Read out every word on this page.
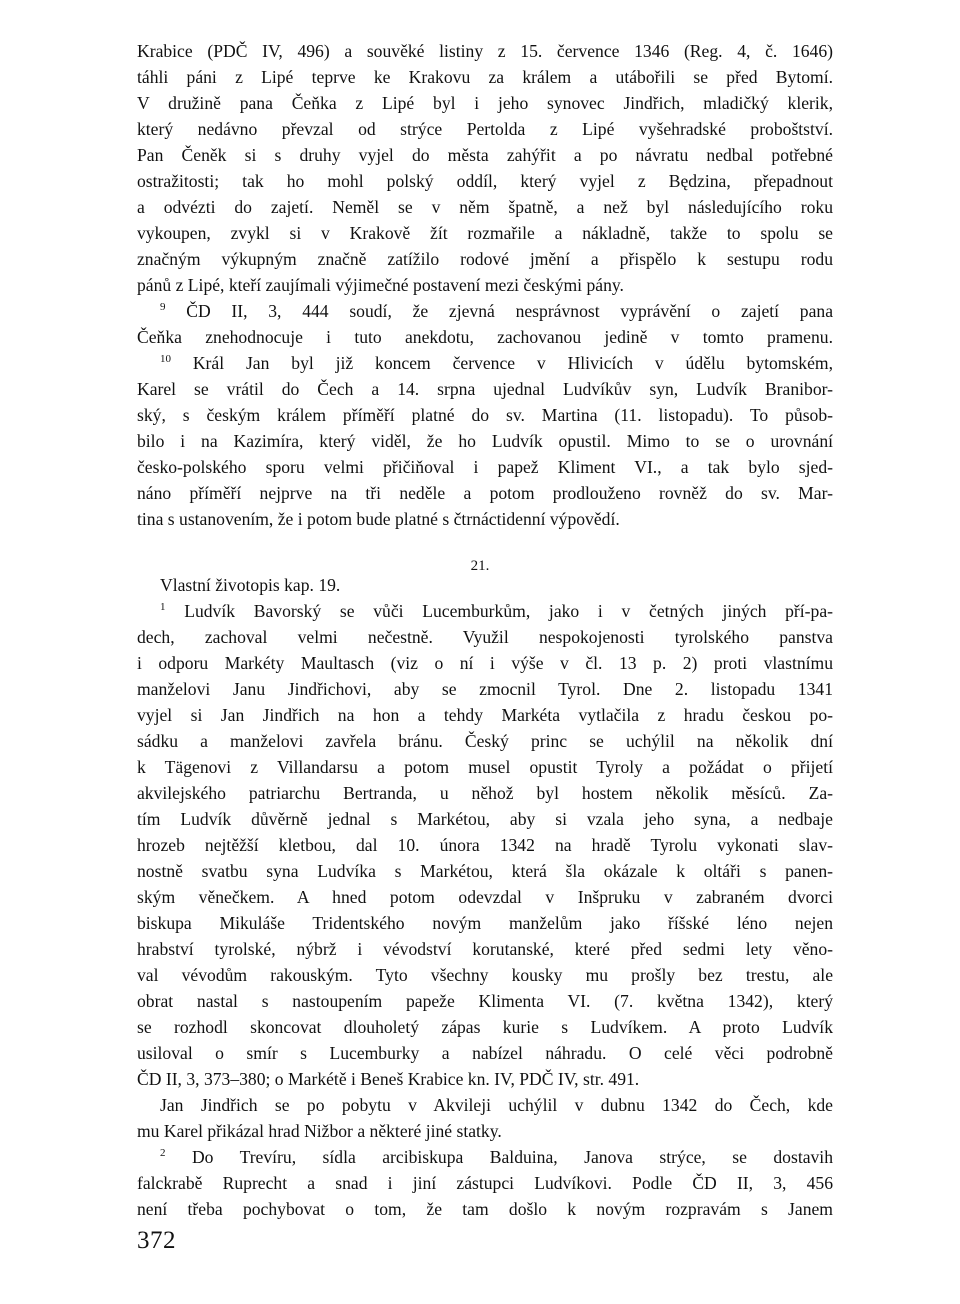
Krabice (PDČ IV, 496) a souvěké listiny z 15. července 1346 (Reg. 4, č. 1646)
táhli páni z Lipé teprve ke Krakovu za králem a utábořili se před Bytomí.
V družině pana Čeňka z Lipé byl i jeho synovec Jindřich, mladičký klerik,
který nedávno převzal od strýce Pertolda z Lipé vyšehradské proboštství.
Pan Čeněk si s druhy vyjel do města zahýřit a po návratu nedbal potřebné
ostražitosti; tak ho mohl polský oddíl, který vyjel z Będzina, přepadnout
a odvézti do zajetí. Neměl se v něm špatně, a než byl následujícího roku
vykoupen, zvykl si v Krakově žít rozmařile a nákladně, takže to spolu se
značným výkupným značně zatížilo rodové jmění a přispělo k sestupu rodu
pánů z Lipé, kteří zaujímali výjimečné postavení mezi českými pány.
$^9$ ČD II, 3, 444 soudí, že zjevná nesprávnost vyprávění o zajetí pana
Čeňka znehodnocuje i tuto anekdotu, zachovanou jedině v tomto pramenu.
$^{10}$ Král Jan byl již koncem července v Hlivicích v údělu bytomském,
Karel se vrátil do Čech a 14. srpna ujednal Ludvíkův syn, Ludvík Branibor-
ský, s českým králem příměří platné do sv. Martina (11. listopadu). To působ-
bilo i na Kazimíra, který viděl, že ho Ludvík opustil. Mimo to se o urovnání
česko-polského sporu velmi přičiňoval i papež Kliment VI., a tak bylo sjed-
náno příměří nejprve na tři neděle a potom prodlouženo rovněž do sv. Mar-
tina s ustanovením, že i potom bude platné s čtrnáctidenní výpovědí.
21.
Vlastní životopis kap. 19.
$^1$ Ludvík Bavorský se vůči Lucemburkům, jako i v četných jiných pří-pa-
dech, zachoval velmi nečestně. Využil nespokojenosti tyrolského panstva
i odporu Markéty Maultasch (viz o ní i výše v čl. 13 p. 2) proti vlastnímu
manželovi Janu Jindřichovi, aby se zmocnil Tyrol. Dne 2. listopadu 1341
vyjel si Jan Jindřich na hon a tehdy Markéta vytlačila z hradu českou po-
sádku a manželovi zavřela bránu. Český princ se uchýlil na několik dní
k Tägenovi z Villandarsu a potom musel opustit Tyroly a požádat o přijetí
akvilejského patriarchu Bertranda, u něhož byl hostem několik měsíců. Za-
tím Ludvík důvěrně jednal s Markétou, aby si vzala jeho syna, a nedbaje
hrozeb nejtěžší kletbou, dal 10. února 1342 na hradě Tyrolu vykonati slav-
nostně svatbu syna Ludvíka s Markétou, která šla okázale k oltáři s panen-
ským věnečkem. A hned potom odevzdal v Inšpruku v zabraném dvorci
biskupa Mikuláše Tridentského novým manželům jako říšské léno nejen
hrabství tyrolské, nýbrž i vévodství korutanské, které před sedmi lety věno-
val vévodům rakouským. Tyto všechny kousky mu prošly bez trestu, ale
obrat nastal s nastoupením papeže Klimenta VI. (7. května 1342), který
se rozhodl skoncovat dlouholetý zápas kurie s Ludvíkem. A proto Ludvík
usiloval o smír s Lucemburky a nabízel náhradu. O celé věci podrobně
ČD II, 3, 373–380; o Markétě i Beneš Krabice kn. IV, PDČ IV, str. 491.
Jan Jindřich se po pobytu v Akvileji uchýlil v dubnu 1342 do Čech, kde
mu Karel přikázal hrad Nižbor a některé jiné statky.
$^2$ Do Trevíru, sídla arcibiskupa Balduina, Janova strýce, se dostavih
falckrabě Ruprecht a snad i jiní zástupci Ludvíkovi. Podle ČD II, 3, 456
není třeba pochybovat o tom, že tam došlo k novým rozpravám s Janem
372
